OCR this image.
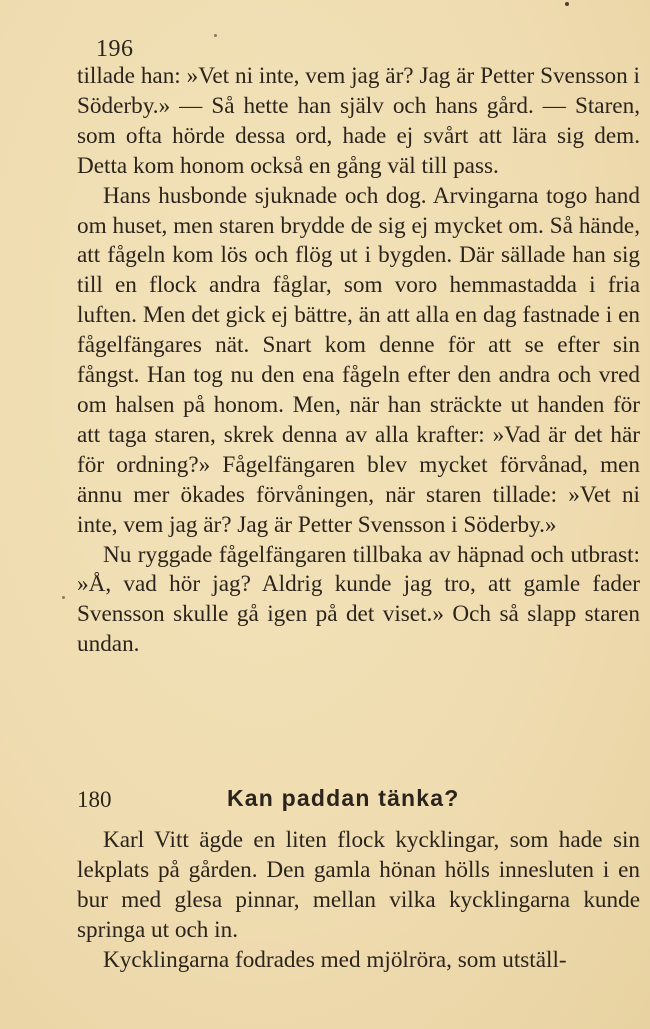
196

tillade han: »Vet ni inte, vem jag är? Jag är Petter Svensson i Söderby.» — Så hette han själv och hans gård. — Staren, som ofta hörde dessa ord, hade ej svårt att lära sig dem. Detta kom honom också en gång väl till pass.

Hans husbonde sjuknade och dog. Arvingarna togo hand om huset, men staren brydde de sig ej mycket om. Så hände, att fågeln kom lös och flög ut i bygden. Där sällade han sig till en flock andra fåglar, som voro hemmastadda i fria luften. Men det gick ej bättre, än att alla en dag fastnade i en fågelfängares nät. Snart kom denne för att se efter sin fångst. Han tog nu den ena fågeln efter den andra och vred om halsen på honom. Men, när han sträckte ut handen för att taga staren, skrek denna av alla krafter: »Vad är det här för ordning?» Fågelfängaren blev mycket förvånad, men ännu mer ökades förvåningen, när staren tillade: »Vet ni inte, vem jag är? Jag är Petter Svensson i Söderby.»

Nu ryggade fågelfängaren tillbaka av häpnad och utbrast: »Å, vad hör jag? Aldrig kunde jag tro, att gamle fader Svensson skulle gå igen på det viset.» Och så slapp staren undan.

180	Kan paddan tänka?

Karl Vitt ägde en liten flock kycklingar, som hade sin lekplats på gården. Den gamla hönan hölls innesluten i en bur med glesa pinnar, mellan vilka kycklingarna kunde springa ut och in.

Kycklingarna fodrades med mjölröra, som utställ-
